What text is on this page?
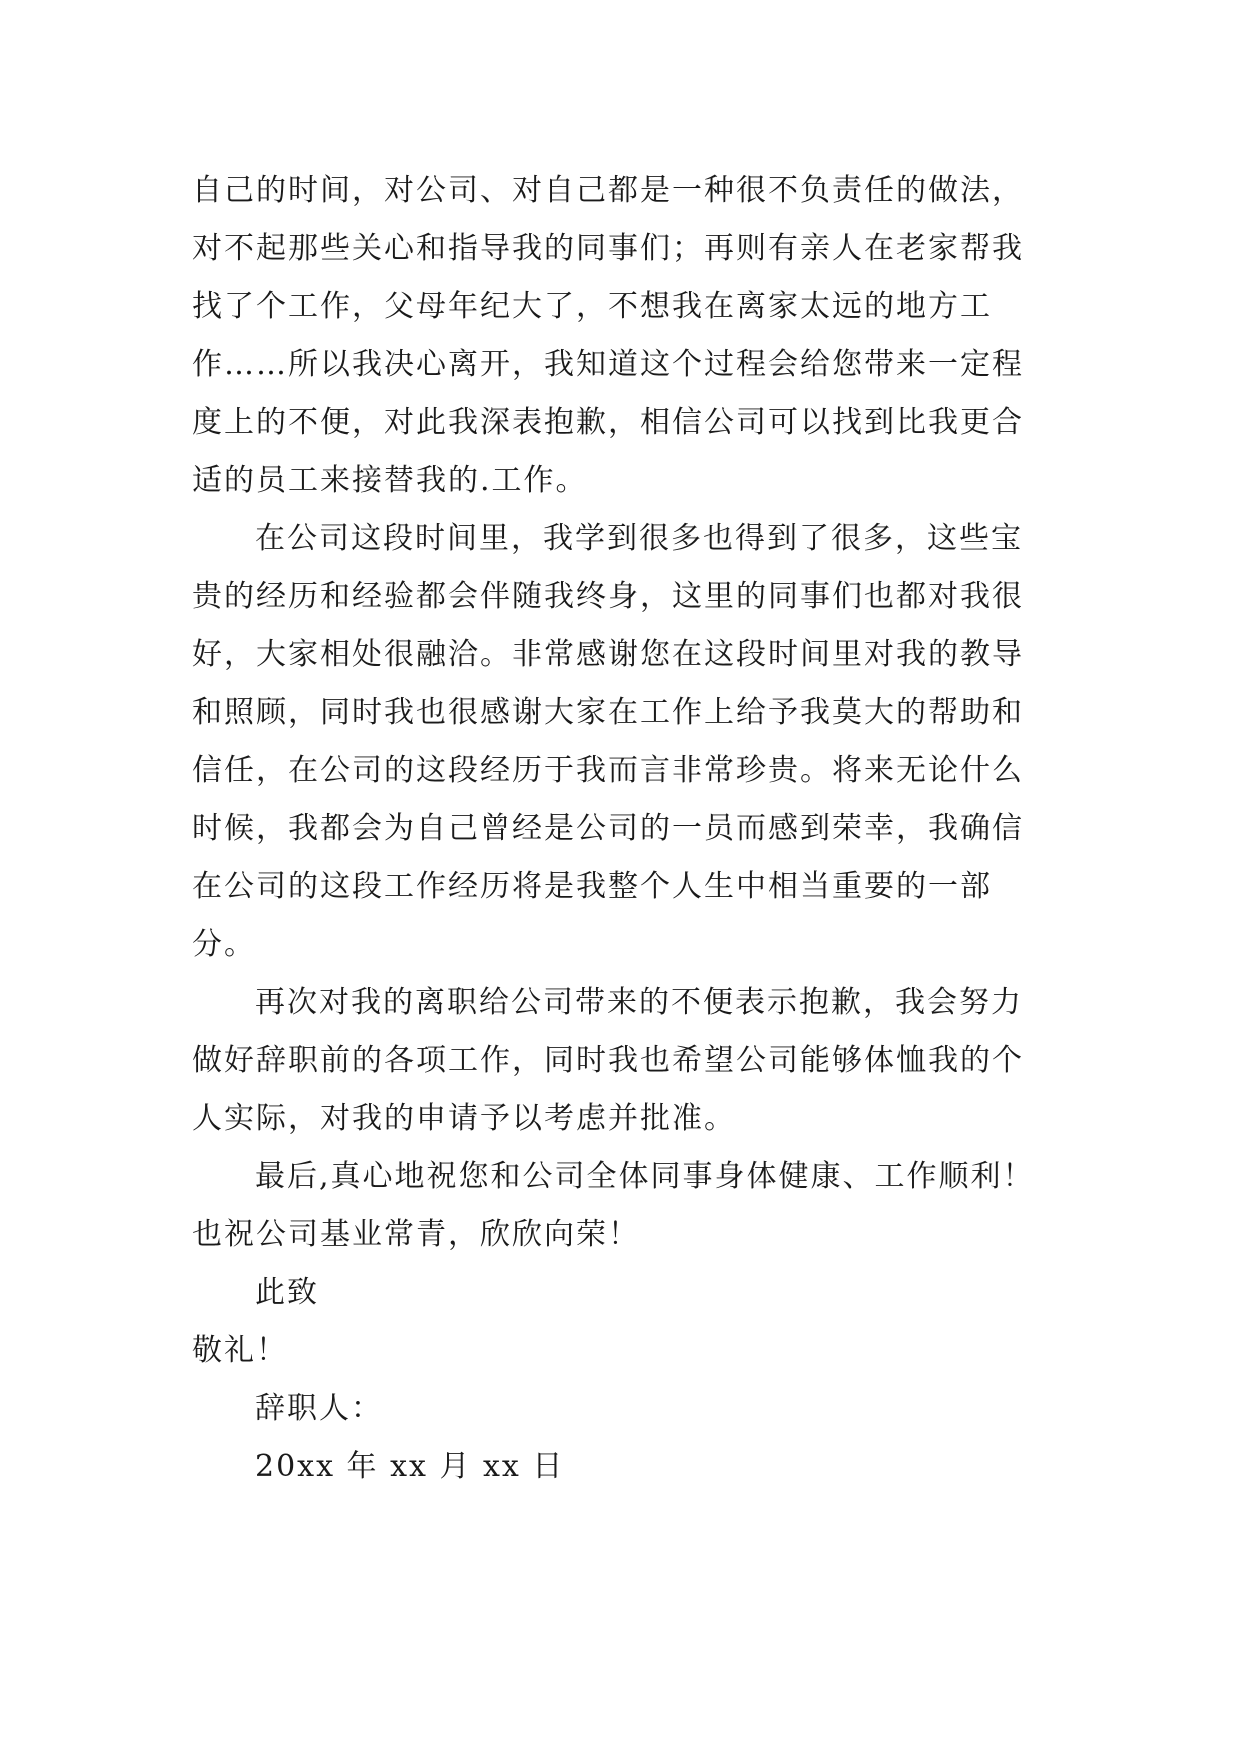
自己的时间，对公司、对自己都是一种很不负责任的做法，
对不起那些关心和指导我的同事们；再则有亲人在老家帮我
找了个工作，父母年纪大了，不想我在离家太远的地方工
作……所以我决心离开，我知道这个过程会给您带来一定程
度上的不便，对此我深表抱歉，相信公司可以找到比我更合
适的员工来接替我的.工作。
在公司这段时间里，我学到很多也得到了很多，这些宝
贵的经历和经验都会伴随我终身，这里的同事们也都对我很
好，大家相处很融洽。非常感谢您在这段时间里对我的教导
和照顾，同时我也很感谢大家在工作上给予我莫大的帮助和
信任，在公司的这段经历于我而言非常珍贵。将来无论什么
时候，我都会为自己曾经是公司的一员而感到荣幸，我确信
在公司的这段工作经历将是我整个人生中相当重要的一部
分。
再次对我的离职给公司带来的不便表示抱歉，我会努力
做好辞职前的各项工作，同时我也希望公司能够体恤我的个
人实际，对我的申请予以考虑并批准。
最后,真心地祝您和公司全体同事身体健康、工作顺利！
也祝公司基业常青，欣欣向荣！
此致
敬礼！
辞职人：
20xx 年 xx 月 xx 日
